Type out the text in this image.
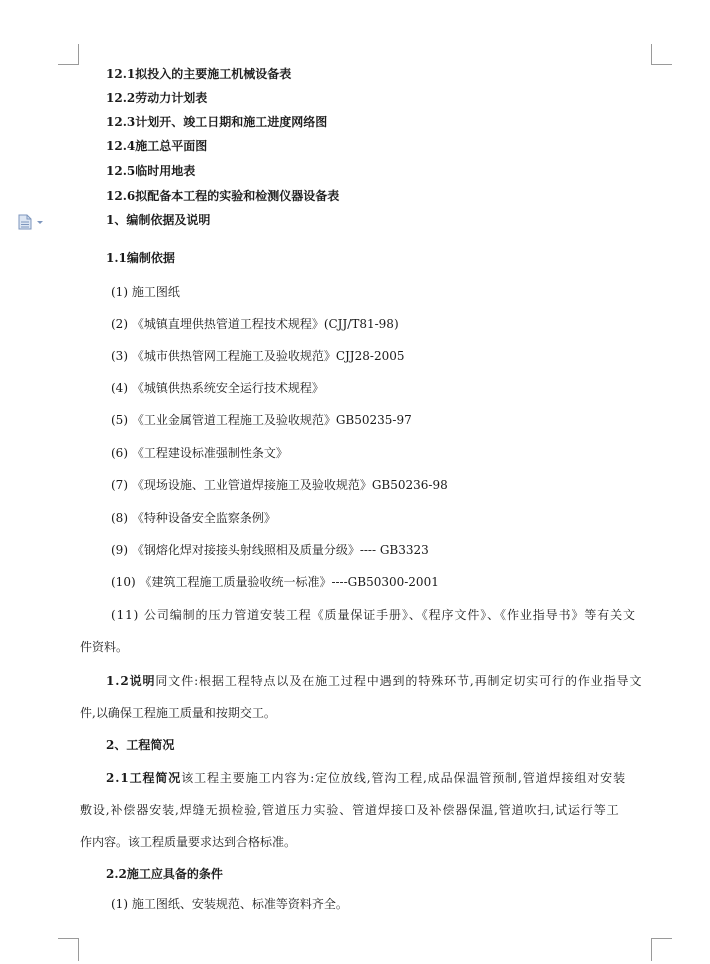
12.1拟投入的主要施工机械设备表
12.2劳动力计划表
12.3计划开、竣工日期和施工进度网络图
12.4施工总平面图
12.5临时用地表
12.6拟配备本工程的实验和检测仪器设备表
1、编制依据及说明
1.1编制依据
(1) 施工图纸
(2) 《城镇直埋供热管道工程技术规程》(CJJ/T81-98)
(3) 《城市供热管网工程施工及验收规范》CJJ28-2005
(4) 《城镇供热系统安全运行技术规程》
(5) 《工业金属管道工程施工及验收规范》GB50235-97
(6) 《工程建设标准强制性条文》
(7) 《现场设施、工业管道焊接施工及验收规范》GB50236-98
(8) 《特种设备安全监察条例》
(9) 《钢熔化焊对接接头射线照相及质量分级》---- GB3323
(10) 《建筑工程施工质量验收统一标准》----GB50300-2001
(11) 公司编制的压力管道安装工程《质量保证手册》、《程序文件》、《作业指导书》等有关文
件资料。
1.2说明同文件:根据工程特点以及在施工过程中遇到的特殊环节,再制定切实可行的作业指导文
件,以确保工程施工质量和按期交工。
2、工程简况
2.1工程简况该工程主要施工内容为:定位放线,管沟工程,成品保温管预制,管道焊接组对安装
敷设,补偿器安装,焊缝无损检验,管道压力实验、管道焊接口及补偿器保温,管道吹扫,试运行等工
作内容。该工程质量要求达到合格标准。
2.2施工应具备的条件
(1) 施工图纸、安装规范、标准等资料齐全。
